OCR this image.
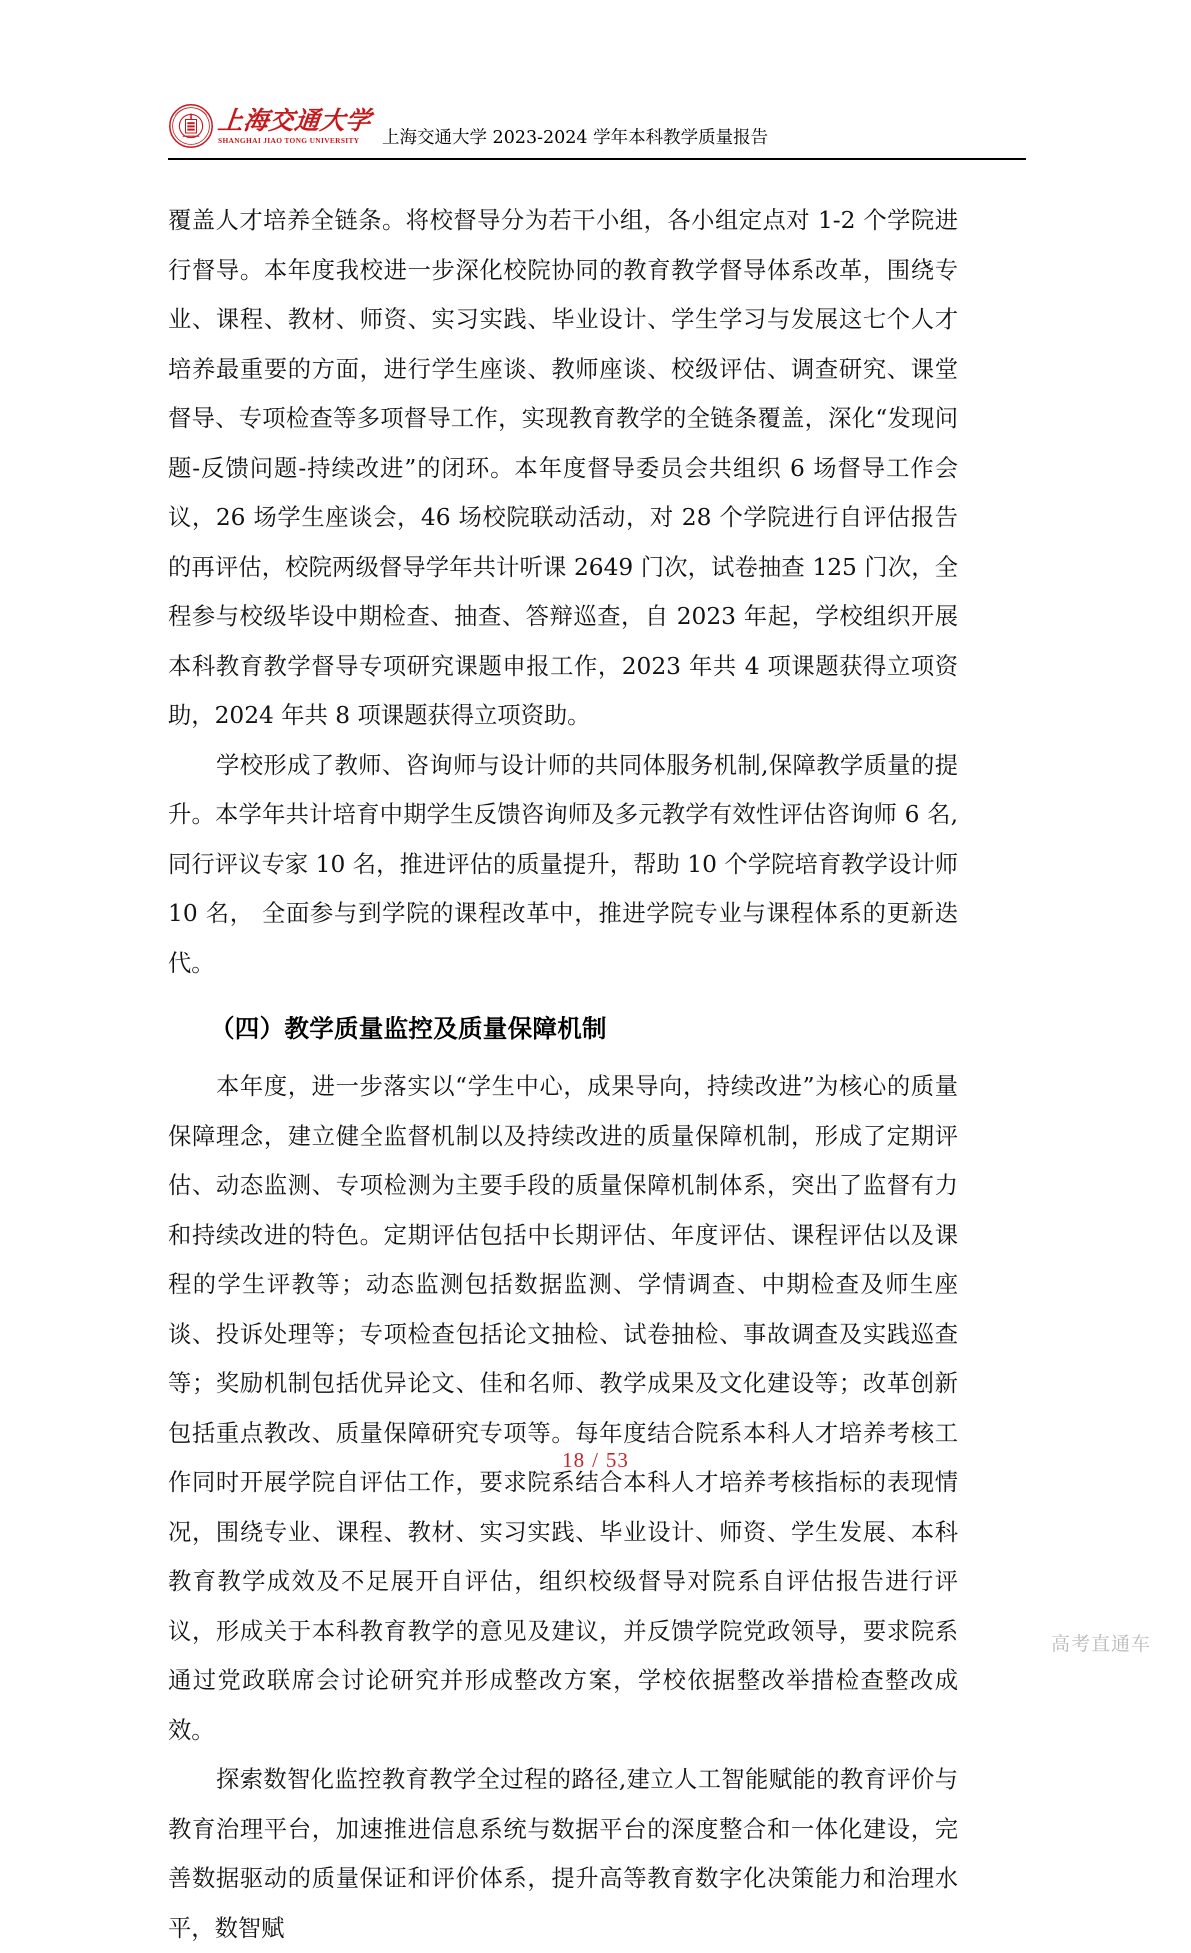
上海交通大学
SHANGHAI JIAO TONG UNIVERSITY	上海交通大学 2023-2024 学年本科教学质量报告

覆盖人才培养全链条。将校督导分为若干小组，各小组定点对 1-2 个学院进行督导。本年度我校进一步深化校院协同的教育教学督导体系改革，围绕专业、课程、教材、师资、实习实践、毕业设计、学生学习与发展这七个人才培养最重要的方面，进行学生座谈、教师座谈、校级评估、调查研究、课堂督导、专项检查等多项督导工作，实现教育教学的全链条覆盖，深化“发现问题-反馈问题-持续改进”的闭环。本年度督导委员会共组织 6 场督导工作会议，26 场学生座谈会，46 场校院联动活动，对 28 个学院进行自评估报告的再评估，校院两级督导学年共计听课 2649 门次，试卷抽查 125 门次，全程参与校级毕设中期检查、抽查、答辩巡查，自 2023 年起，学校组织开展本科教育教学督导专项研究课题申报工作，2023 年共 4 项课题获得立项资助，2024 年共 8 项课题获得立项资助。

学校形成了教师、咨询师与设计师的共同体服务机制,保障教学质量的提升。本学年共计培育中期学生反馈咨询师及多元教学有效性评估咨询师 6 名,同行评议专家 10 名，推进评估的质量提升，帮助 10 个学院培育教学设计师 10 名， 全面参与到学院的课程改革中，推进学院专业与课程体系的更新迭代。

（四）教学质量监控及质量保障机制

本年度，进一步落实以“学生中心，成果导向，持续改进”为核心的质量保障理念，建立健全监督机制以及持续改进的质量保障机制，形成了定期评估、动态监测、专项检测为主要手段的质量保障机制体系，突出了监督有力和持续改进的特色。定期评估包括中长期评估、年度评估、课程评估以及课程的学生评教等；动态监测包括数据监测、学情调查、中期检查及师生座谈、投诉处理等；专项检查包括论文抽检、试卷抽检、事故调查及实践巡查等；奖励机制包括优异论文、佳和名师、教学成果及文化建设等；改革创新包括重点教改、质量保障研究专项等。每年度结合院系本科人才培养考核工作同时开展学院自评估工作，要求院系结合本科人才培养考核指标的表现情况，围绕专业、课程、教材、实习实践、毕业设计、师资、学生发展、本科教育教学成效及不足展开自评估，组织校级督导对院系自评估报告进行评议，形成关于本科教育教学的意见及建议，并反馈学院党政领导，要求院系通过党政联席会讨论研究并形成整改方案，学校依据整改举措检查整改成效。

探索数智化监控教育教学全过程的路径,建立人工智能赋能的教育评价与教育治理平台，加速推进信息系统与数据平台的深度整合和一体化建设，完善数据驱动的质量保证和评价体系，提升高等教育数字化决策能力和治理水平，数智赋

18 / 53
高考直通车
